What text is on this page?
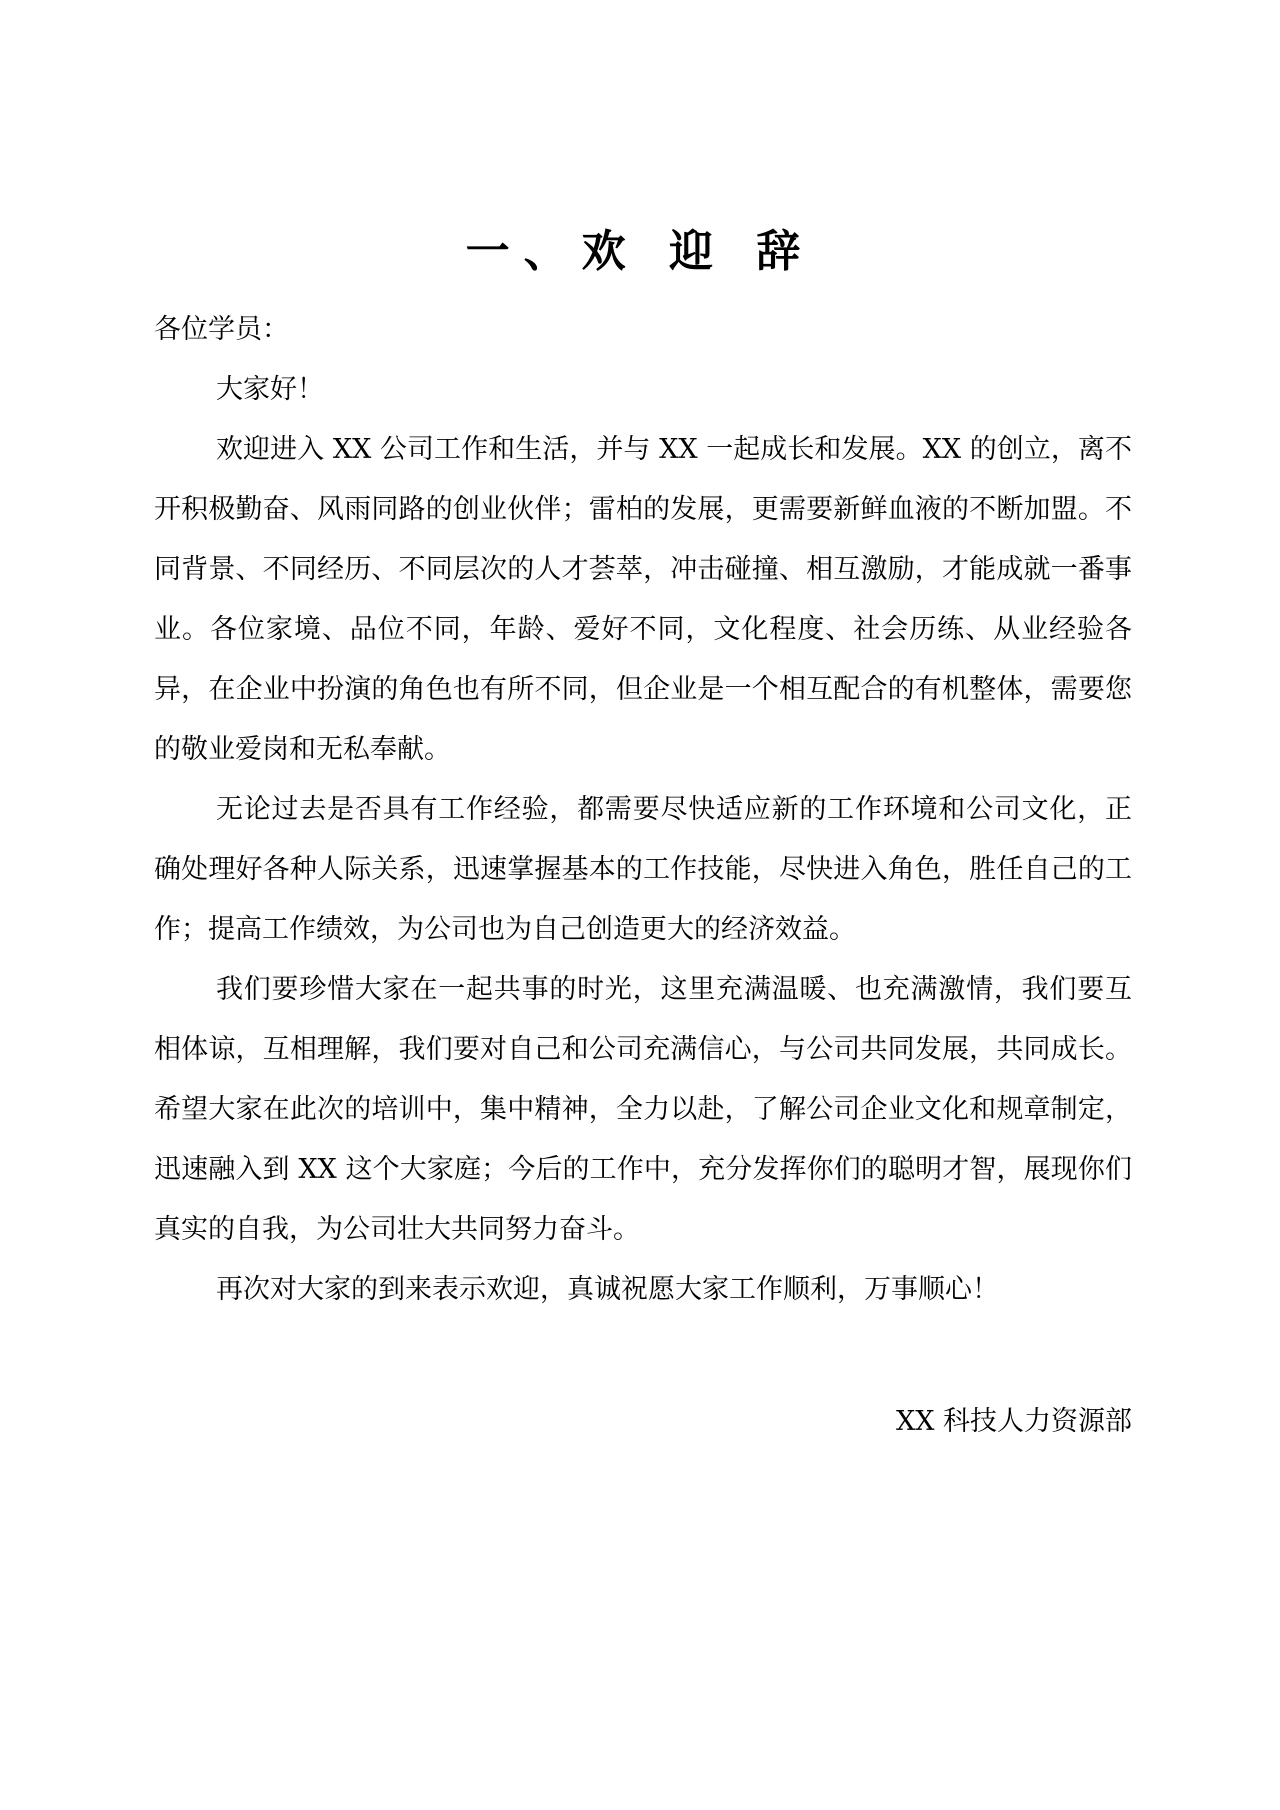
一、欢 迎 辞

各位学员：

大家好！

欢迎进入 XX 公司工作和生活，并与 XX 一起成长和发展。XX 的创立，离不开积极勤奋、风雨同路的创业伙伴；雷柏的发展，更需要新鲜血液的不断加盟。不同背景、不同经历、不同层次的人才荟萃，冲击碰撞、相互激励，才能成就一番事业。各位家境、品位不同，年龄、爱好不同，文化程度、社会历练、从业经验各异，在企业中扮演的角色也有所不同，但企业是一个相互配合的有机整体，需要您的敬业爱岗和无私奉献。

无论过去是否具有工作经验，都需要尽快适应新的工作环境和公司文化，正确处理好各种人际关系，迅速掌握基本的工作技能，尽快进入角色，胜任自己的工作；提高工作绩效，为公司也为自己创造更大的经济效益。

我们要珍惜大家在一起共事的时光，这里充满温暖、也充满激情，我们要互相体谅，互相理解，我们要对自己和公司充满信心，与公司共同发展，共同成长。希望大家在此次的培训中，集中精神，全力以赴，了解公司企业文化和规章制定，迅速融入到 XX 这个大家庭；今后的工作中，充分发挥你们的聪明才智，展现你们真实的自我，为公司壮大共同努力奋斗。

再次对大家的到来表示欢迎，真诚祝愿大家工作顺利，万事顺心！

XX 科技人力资源部
